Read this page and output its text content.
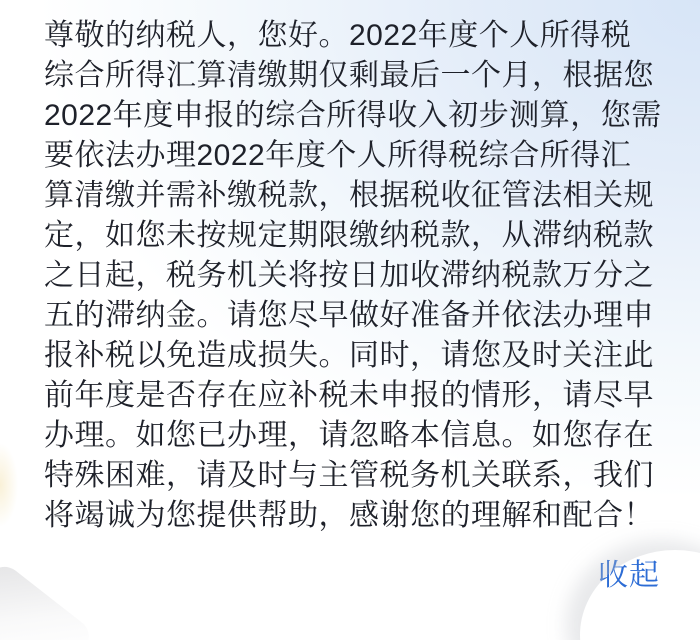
尊敬的纳税人，您好。2022年度个人所得税
综合所得汇算清缴期仅剩最后一个月，根据您
2022年度申报的综合所得收入初步测算，您需
要依法办理2022年度个人所得税综合所得汇
算清缴并需补缴税款，根据税收征管法相关规
定，如您未按规定期限缴纳税款，从滞纳税款
之日起，税务机关将按日加收滞纳税款万分之
五的滞纳金。请您尽早做好准备并依法办理申
报补税以免造成损失。同时，请您及时关注此
前年度是否存在应补税未申报的情形，请尽早
办理。如您已办理，请忽略本信息。如您存在
特殊困难，请及时与主管税务机关联系，我们
将竭诚为您提供帮助，感谢您的理解和配合！
收起
